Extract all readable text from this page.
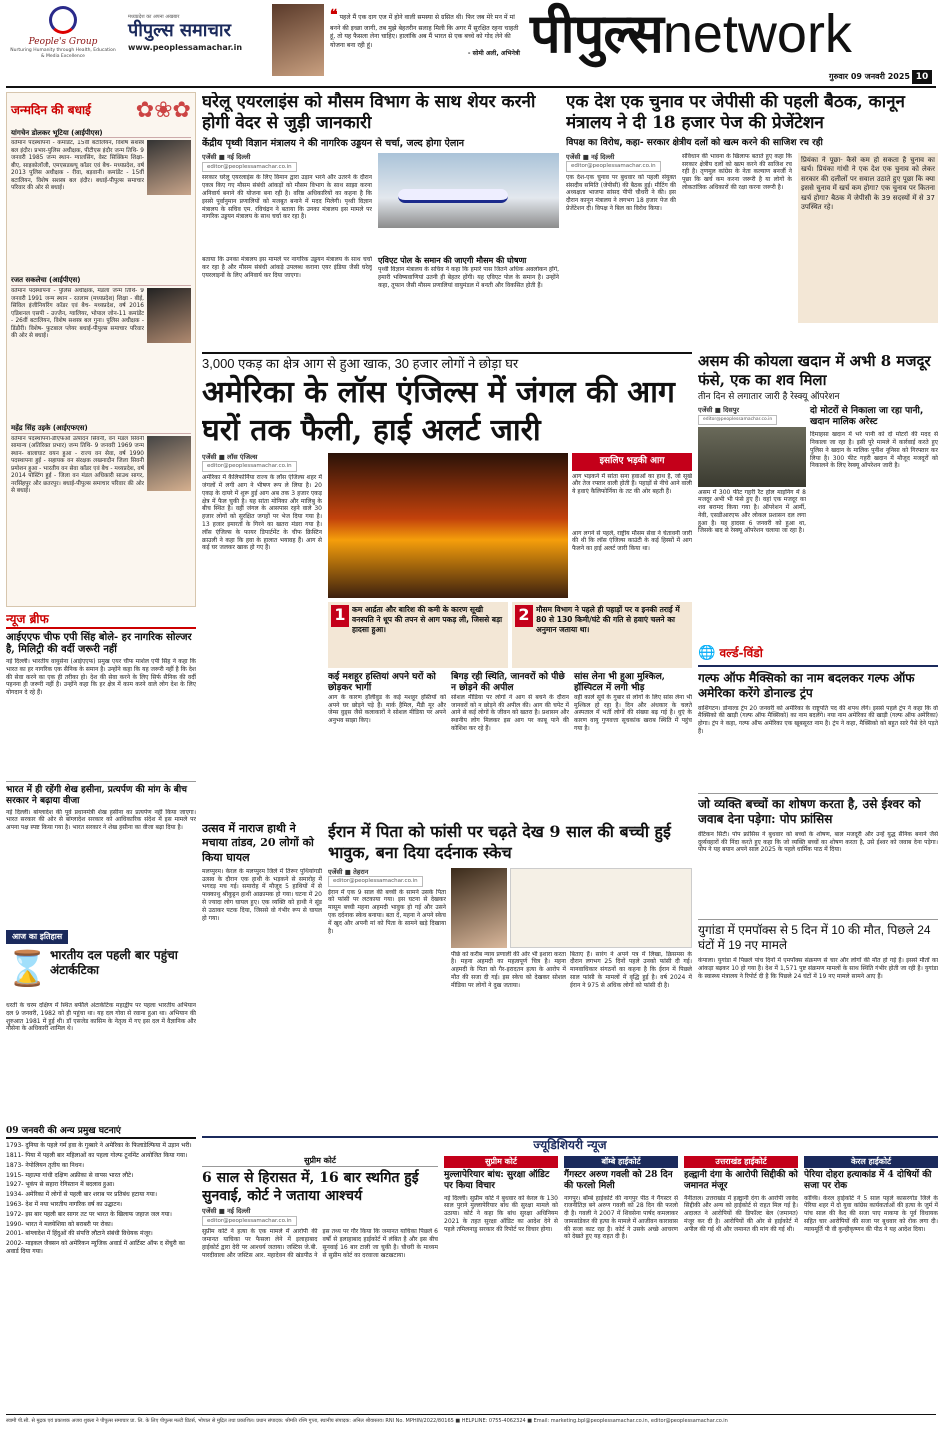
People's Group
Nurturing Humanity through Health, Education & Media Excellence
मध्यप्रदेश का अपना अखबार
पीपुल्स समाचार
www.peoplessamachar.in
❝ पहले मैं एक दाग एज में होने वाली समस्या से ग्रसित थी। फिर जब मेरे मन में मां बनने की इच्छा जागी, तब मुझे बेहतरीन सलाह मिली कि अगर मैं सुरक्षित रहना चाहती हूं, तो यह फैसला लेना चाहिए। हालांकि अब मैं भारत से एक बच्चे को गोद लेने की योजना बना रही हूं।
- सोमी अली, अभिनेत्री पीपुल्सnetwork
गुरुवार 09 जनवरी 2025 10
जन्मदिन की बधाई ✿❀✿
यांगचेन डोलकर भूटिया (आईपीएस)
वर्तमान पदस्थापना - कमांडेंट, 15वीं बटालियन, विशेष सशस्त्र बल इंदौर। प्रभार-पुलिस अधीक्षक, पीटीएस इंदौर जन्म तिथि- 9 जनवरी 1985 जन्म स्थान- ग्यालसिंग, वेस्ट सिक्किम शिक्षा-बीए, साइकोलॉजी, एमएसडब्ल्यू कॉडर एवं बैच- मध्यप्रदेश, वर्ष 2013 पुलिस अधीक्षक - रीवा, बड़वानी। कमांडेंट - 15वीं बटालियन, विशेष सशस्त्र बल इंदौर। बधाई-पीपुल्स समाचार परिवार की ओर से बधाई।
रजत सकलेचा (आईपीएस)
वर्तमान पदस्थापना - पुलिस अधीक्षक, मंडला जन्म तिथि- 9 जनवरी 1991 जन्म स्थान - रतलाम (मध्यप्रदेश) शिक्षा - बीई, सिविल इंजीनियरिंग कॉडर एवं बैच- मध्यप्रदेश, वर्ष 2016 एडिशनल एसपी - उज्जैन, ग्वालियर, भोपाल जोन-11 कमांडेंट - 26वीं बटालियन, विशेष सशस्त्र बल गुना। पुलिस अधीक्षक - डिंडौरी। विशेष- फुटबाल प्लेयर बधाई-पीपुल्स समाचार परिवार की ओर से बधाई।
महेंद्र सिंह उइके (आईएफएस)
वर्तमान पदस्थापना-डीएफओ उत्पादन सिवनी, वन मंडल सिवनी सामान्य (अतिरिक्त प्रभार) जन्म तिथि- 9 जनवरी 1969 जन्म स्थान- बालाघाट वयन हुआ - राज्य वन सेवा, वर्ष 1990 पदस्थापना हुई - सहायक वन संरक्षक लखनादौन जिला सिवनी प्रमोशन हुआ - भारतीय वन सेवा कॉडर एवं बैच - मध्यप्रदेश, वर्ष 2014 पोस्टिंग हुई - जिला वन मंडल अधिकारी साउथ सागर, नरसिंहपुर और छतरपुर। बधाई-पीपुल्स समाचार परिवार की ओर से बधाई।
न्यूज ब्रीफ
आईएएफ चीफ एपी सिंह बोले- हर नागरिक सोल्जर है, मिलिट्री की वर्दी जरूरी नहीं
नई दिल्ली। भारतीय वायुसेना (आईएएफ) प्रमुख एयर चीफ मार्शल एपी सिंह ने कहा कि भारत का हर नागरिक एक सैनिक के समान है। उन्होंने कहा कि यह जरूरी नहीं है कि देश की सेवा करने का एक ही तरीका हो। देश की सेवा करने के लिए सिर्फ सैनिक की वर्दी पहनना ही जरूरी नहीं है। उन्होंने कहा कि हर क्षेत्र में काम करने वाले लोग देश के लिए योगदान दे रहे हैं।
भारत में ही रहेंगी शेख हसीना, प्रत्यर्पण की मांग के बीच सरकार ने बढ़ाया वीजा
नई दिल्ली। बांग्लादेश की पूर्व प्रधानमंत्री शेख हसीना का प्रत्यर्पण नहीं किया जाएगा। भारत सरकार की ओर से बांग्लादेश सरकार को आधिकारिक संदेश में इस मामले पर अपना पक्ष स्पष्ट किया गया है। भारत सरकार ने शेख हसीना का वीजा बढ़ा दिया है।
आज का इतिहास
⌛ भारतीय दल पहली बार पहुंचा अंटार्कटिका
धरती के चरम दक्षिण में स्थित बर्फीले अंटार्कटिक महाद्वीप पर पहला भारतीय अभियान दल 9 जनवरी, 1982 को ही पहुंचा था। यह दल गोवा से रवाना हुआ था। अभियान की शुरुआत 1981 में हुई थी। डॉ एसजेड कासिम के नेतृत्व में गए इस दल में वैज्ञानिक और नौसेना के अधिकारी शामिल थे।
09 जनवरी की अन्य प्रमुख घटनाएं
1793- दुनिया के पहले गर्म हवा के गुब्बारे ने अमेरिका के फिलाडेल्फिया में उड़ान भरी।
1811- पिया में पहली बार महिलाओं का पहला गोल्फ टूर्नामेंट आयोजित किया गया।
1873- नेपोलियन तृतीय का निधन।
1915- महात्मा गांधी दक्षिण अफ्रीका से वापस भारत लौटे।
1927- भूकंप से सहारा रेगिस्तान में बदलाव हुआ।
1934- अमेरिका में लोगों से पहली बार शराब पर प्रतिबंध हटाया गया।
1963- देश में नया भारतीय नागरिक वर्ष का उद्घाटन।
1972- इस बार पहली बार सागर तट पर भारत के खिलाफ जहाज जल गया।
1990- भारत ने मलयेशिया को बराबरी पर रोका।
2001- बांग्लादेश में हिंदुओं की संपत्ति लौटाने संबंधी विधेयक मंजूर।
2002- माइकल जैक्सन को अमेरिकन म्यूजिक अवार्ड में आर्टिस्ट ऑफ द सेंचुरी का अवार्ड दिया गया।
घरेलू एयरलाइंस को मौसम विभाग के साथ शेयर करनी होगी वेदर से जुड़ी जानकारी
केंद्रीय पृथ्वी विज्ञान मंत्रालय ने की नागरिक उड्डयन से चर्चा, जल्द होगा ऐलान
एजेंसी ■ नई दिल्ली
editor@peoplessamachar.co.in
सरकार घरेलू एयरलाइंस के लिए विमान द्वारा उड़ान भरने और उतरने के दौरान एकत्र किए गए मौसम संबंधी आंकड़ों को मौसम विभाग के साथ साझा करना अनिवार्य बनाने की योजना बना रही है। वरिष्ठ अधिकारियों का कहना है कि इससे पूर्वानुमान प्रणालियों को मजबूत बनाने में मदद मिलेगी। पृथ्वी विज्ञान मंत्रालय के सचिव एम. रविचंद्रन ने बताया कि उनका मंत्रालय इस मामले पर नागरिक उड्डयन मंत्रालय के साथ चर्चा कर रहा है।
बताया कि उनका मंत्रालय इस मामले पर नागरिक उड्डयन मंत्रालय के साथ चर्चा कर रहा है और मौसम संबंधी आंकड़े उपलब्ध कराना एयर इंडिया जैसी घरेलू एयरलाइनों के लिए अनिवार्य कर दिया जाएगा।
एविएट पोल के समान की जाएगी मौसम की घोषणा
पृथ्वी विज्ञान मंत्रालय के सचिव ने कहा कि हमारे पास जितने अधिक अवलोकन होंगे, हमारी भविष्यवाणियां उतनी ही बेहतर होंगी। यह एविएट पोल के समान है। उन्होंने कहा, तूफान जैसी मौसम प्रणालियां वायुमंडल में बनती और विकसित होती हैं।
एक देश एक चुनाव पर जेपीसी की पहली बैठक, कानून मंत्रालय ने दी 18 हजार पेज की प्रेजेंटेशन
विपक्ष का विरोध, कहा- सरकार क्षेत्रीय दलों को खत्म करने की साजिश रच रही
एजेंसी ■ नई दिल्ली
editor@peoplessamachar.co.in
एक देश-एक चुनाव पर बुधवार को पहली संयुक्त संसदीय समिति (जेपीसी) की बैठक हुई। मीटिंग की अध्यक्षता भाजपा सांसद पीपी चौधरी ने की। इस दौरान कानून मंत्रालय ने लगभग 18 हजार पेज की प्रेजेंटेशन दी। विपक्ष ने बिल का विरोध किया।
संविधान की भावना के खिलाफ बताते हुए कहा कि सरकार क्षेत्रीय दलों को खत्म करने की साजिश रच रही है। तृणमूल कांग्रेस के नेता कल्याण बनर्जी ने पूछा कि खर्च कम करना जरूरी है या लोगों के लोकतांत्रिक अधिकारों की रक्षा करना जरूरी है।
प्रियंका ने पूछा- कैसे कम हो सकता है चुनाव का खर्च। प्रियंका गांधी ने एक देश एक चुनाव को लेकर सरकार की दलीलों पर सवाल उठाते हुए पूछा कि क्या इससे चुनाव में खर्च कम होगा? एक चुनाव पर कितना खर्च होगा? बैठक में जेपीसी के 39 सदस्यों में से 37 उपस्थित रहे।
3,000 एकड़ का क्षेत्र आग से हुआ खाक, 30 हजार लोगों ने छोड़ा घर
अमेरिका के लॉस एंजिल्स में जंगल की आग घरों तक फैली, हाई अलर्ट जारी
एजेंसी ■ लॉस एंजिल्स
editor@peoplessamachar.co.in
अमेरिका में कैलिफोर्निया राज्य के लॉस एंजिल्स शहर में जंगलों में लगी आग ने भीषण रूप ले लिया है। 20 एकड़ के दायरे में शुरू हुई आग अब तक 3 हजार एकड़ क्षेत्र में फैल चुकी है। यह सांता मोनिका और मालिबु के बीच स्थित है। वहीं जंगल के आसपास रहने वाले 30 हजार लोगों को सुरक्षित जगहों पर भेज दिया गया है। 13 हजार इमारतों के गिरने का खतरा मंडरा गया है। लॉस एंजिल्स के फायर डिपार्टमेंट के चीफ क्रिस्टिन क्राउली ने कहा कि हवा के हालात भयावह हैं। आग से कई घर जलकर खाक हो गए हैं।
इसलिए भड़की आग
आग भड़कने में सांता सना हवाओं का हाथ है, जो सूखे और तेज रफ्तार वाली होती हैं। पहाड़ों से नीचे आने वाली ये हवाएं कैलिफोर्निया के तट की ओर बहती हैं।
आग लगने से पहले, राष्ट्रीय मौसम सेवा ने चेतावनी जारी की थी कि लॉस एंजिल्स काउंटी के कई हिस्सों में आग फैलने का हाई अलर्ट जारी किया था।
1 कम आर्द्रता और बारिश की कमी के कारण सूखी वनस्पति ने धूप की तपन से आग पकड़ ली, जिससे बड़ा हादसा हुआ।
2 मौसम विभाग ने पहले ही पहाड़ों पर व इनकी तराई में 80 से 130 किमी/घंटे की गति से हवाएं चलने का अनुमान जताया था।
कई मशहूर हस्तियां अपने घरों को छोड़कर भागीं
आग के कारण हॉलीवुड के कई मशहूर हस्तियों को अपने घर छोड़ने पड़े हैं। मार्क हैमिल, मैंडी मूर और जेम्स वुड्स जैसे कलाकारों ने सोशल मीडिया पर अपने अनुभव साझा किए।
बिगड़ रही स्थिति, जानवरों को पीछे न छोड़ने की अपील
सोशल मीडिया पर लोगों ने आग से बचने के दौरान जानवरों को न छोड़ने की अपील की। आग की चपेट में आने से कई लोगों के जीवन को खतरा है। प्रशासन और स्थानीय लोग मिलकर इस आग पर काबू पाने की कोशिश कर रहे हैं।
सांस लेना भी हुआ मुश्किल, हॉस्पिटल में लगी भीड़
वहीं कार्ल सूर्य के गुबार से लोगों के लिए सांस लेना भी मुश्किल हो रहा है। दिन और अंधकार के चलते अस्पताल में भर्ती लोगों की संख्या बढ़ गई है। धुएं के कारण वायु गुणवत्ता सूचकांक खराब स्थिति में पहुंच गया है।
असम की कोयला खदान में अभी 8 मजदूर फंसे, एक का शव मिला
तीन दिन से लगातार जारी है रेस्क्यू ऑपरेशन
एजेंसी ■ दिसपुर
editor@peoplessamachar.co.in
असम में 300 फीट गहरी रैट होल माइनिंग में 8 मजदूर अभी भी फंसे हुए हैं। वहां एक मजदूर का शव बरामद किया गया है। ऑपरेशन में आर्मी, नेवी, एसडीआरएफ और लोकल प्रशासन दल लगा हुआ है। यह हादसा 6 जनवरी को हुआ था, जिसके बाद से रेस्क्यू ऑपरेशन चलाया जा रहा है।
दो मोटरों से निकाला जा रहा पानी, खदान मालिक अरेस्ट
दिमाहसा खदान में भरे पानी को दो मोटरों की मदद से निकाला जा रहा है। इसी पूरे मामले में कार्रवाई करते हुए पुलिस ने खदान के मालिक पुनीश नूनिसा को गिरफ्तार कर लिया है। 300 फीट गहरी खदान में मौजूद मजदूरों को निकालने के लिए रेस्क्यू ऑपरेशन जारी है।
🌐 वर्ल्ड-विंडो
गल्फ ऑफ मैक्सिको का नाम बदलकर गल्फ ऑफ अमेरिका करेंगे डोनाल्ड ट्रंप
वाशिंगटन। डोनाल्ड ट्रंप 20 जनवरी को अमेरिका के राष्ट्रपति पद की शपथ लेंगे। इससे पहले ट्रंप ने कहा कि वो मैक्सिको की खाड़ी (गल्फ ऑफ मैक्सिको) का नाम बदलेंगे। नया नाम अमेरिका की खाड़ी (गल्फ ऑफ अमेरिका) होगा। ट्रंप ने कहा, गल्फ ऑफ अमेरिका एक खूबसूरत नाम है। ट्रंप ने कहा, मैक्सिको को बहुत सारे पैसे देने पड़ते हैं।
जो व्यक्ति बच्चों का शोषण करता है, उसे ईश्वर को जवाब देना पड़ेगा: पोप फ्रांसिस
वेटिकन सिटी। पोप फ्रांसिस ने बुधवार को बच्चों के शोषण, बाल मजदूरी और उन्हें युद्ध सैनिक बनाने जैसे दुर्व्यवहारों की निंदा करते हुए कहा कि जो व्यक्ति बच्चों का शोषण करता है, उसे ईश्वर को जवाब देना पड़ेगा। पोप ने यह बयान अपने साल 2025 के पहले धार्मिक पाठ में दिया।
युगांडा में एमपॉक्स से 5 दिन में 10 की मौत, पिछले 24 घंटों में 19 नए मामले
कंपाला। युगांडा में पिछले पांच दिनों में एमपॉक्स संक्रमण से चार और लोगों की मौत हो गई है। इससे मौतों का आंकड़ा बढ़कर 10 हो गया है। देश में 1,571 पुष्ट संक्रमण मामलों के साथ स्थिति गंभीर होती जा रही है। युगांडा के स्वास्थ्य मंत्रालय ने रिपोर्ट दी है कि पिछले 24 घंटों में 19 नए मामले सामने आए हैं।
उत्सव में नाराज हाथी ने मचाया तांडव, 20 लोगों को किया घायल
मलप्पुरम। केरल के मलप्पुरम जिले में तिरूर पुथियांगडी उत्सव के दौरान एक हाथी के भड़कने से समारोह में भगदड़ मच गई। समारोह में मौजूद 5 हाथियों में से पाक्काथु श्रीकुट्टन हाथी आक्रामक हो गया। घटना में 20 से ज्यादा लोग घायल हुए। एक व्यक्ति को हाथी ने सूंड से उठाकर पटक दिया, जिससे वो गंभीर रूप से घायल हो गया।
ईरान में पिता को फांसी पर चढ़ते देख 9 साल की बच्ची हुई भावुक, बना दिया दर्दनाक स्केच
एजेंसी ■ तेहरान
editor@peoplessamachar.co.in
ईरान में एक 9 साल की बच्ची के सामने उसके पिता को फांसी पर लटकाया गया। इस घटना से देखकर मासूम बच्ची महना अहमदी भावुक हो गई और उसने एक दर्दनाक स्केच बनाया। बता दें, महना ने अपने स्केच में खुद और अपनी मां को पिता के सामने खड़े दिखाया है।
पीछे को करीब न्याय प्रणाली की ओर भी इशारा करता है। महना अहमदी का महत्वपूर्ण चित्र है। महना अहमदी के पिता को गैर-इरादतन हत्या के आरोप में मौत की सजा दी गई। इस स्केच को देखकर सोशल मीडिया पर लोगों ने दुख जताया।
बिताए हैं। सारंग ने अपने पत्र में लिखा, क्रिसमस के दौरान लगभग 25 दिनों पहले उनको फांसी दी गई। मानवाधिकार संगठनों का कहना है कि ईरान में पिछले साल फांसी के मामलों में वृद्धि हुई है। वर्ष 2024 में ईरान ने 975 से अधिक लोगों को फांसी दी है।
ज्यूडिशियरी न्यूज
सुप्रीम कोर्ट
6 साल से हिरासत में, 16 बार स्थगित हुई सुनवाई, कोर्ट ने जताया आश्चर्य
एजेंसी ■ नई दिल्ली
editor@peoplessamachar.co.in
सुप्रीम कोर्ट ने हत्या के एक मामले में आरोपी की जमानत याचिका पर फैसला लेने में इलाहाबाद हाईकोर्ट द्वारा देरी पर आश्चर्य जताया। जस्टिस जे.बी. पारदीवाला और जस्टिस आर. महादेवन की खंडपीठ ने इस तथ्य पर गौर किया कि जमानत याचिका पिछले 6 वर्षों से इलाहाबाद हाईकोर्ट में लंबित है और इस बीच सुनवाई 16 बार टाली जा चुकी है। चौधरी के माध्यम से सुप्रीम कोर्ट का दरवाजा खटखटाया।
सुप्रीम कोर्ट
मुल्लापेरियार बांध: सुरक्षा ऑडिट पर किया विचार
नई दिल्ली। सुप्रीम कोर्ट ने बुधवार को केरल के 130 साल पुराने मुल्लापेरियार बांध की सुरक्षा मामले को उठाया। कोर्ट ने कहा कि बांध सुरक्षा अधिनियम 2021 के तहत सुरक्षा ऑडिट का आदेश देने से पहले तमिलनाडु सरकार की रिपोर्ट पर विचार होगा।
बॉम्बे हाईकोर्ट
गैंगस्टर अरुण गवली को 28 दिन की फरलो मिली
नागपुर। बॉम्बे हाईकोर्ट की नागपुर पीठ ने गैंगस्टर से राजनीतिज्ञ बने अरुण गवली को 28 दिन की फरलो दी है। गवली ने 2007 में शिवसेना पार्षद कमलाकर जामसांडेकर की हत्या के मामले में आजीवन कारावास की सजा काट रहा है। कोर्ट ने उसके अच्छे आचरण को देखते हुए यह राहत दी है।
उत्तराखंड हाईकोर्ट
हल्द्वानी दंगा के आरोपी सिद्दीकी को जमानत मंजूर
नैनीताल। उत्तराखंड में हल्द्वानी दंगा के आरोपी जावेद सिद्दीकी और अन्य को हाईकोर्ट से राहत मिल गई है। अदालत ने आरोपियों की डिफॉल्ट बेल (जमानत) मंजूर कर दी है। आरोपियों की ओर से हाईकोर्ट में अपील की गई थी और जमानत की मांग की गई थी।
केरल हाईकोर्ट
पेरिया दोहरा हत्याकांड में 4 दोषियों की सजा पर रोक
कोच्चि। केरल हाईकोर्ट ने 5 साल पहले कासरगोड जिले के पेरिया शहर में दो युवा कांग्रेस कार्यकर्ताओं की हत्या के जुर्म में पांच साल की कैद की सजा पाए माकपा के पूर्व विधायक सहित चार आरोपियों की सजा पर बुधवार को रोक लगा दी। न्यायमूर्ति पी वी कुन्हीकृष्णन की पीठ ने यह आदेश दिया।
स्वामी पी.सी. से मुद्रक एवं प्रकाशक अजय शुक्ला ने पीपुल्स समाचार प्रा. लि. के लिए पीपुल्स मल्टी प्रिंटर्स, भोपाल से मुद्रित तथा प्रकाशित। प्रधान संपादक: श्रीमति रश्मि गुप्ता, स्थानीय संपादक: अनिल श्रीवास्तव। RNI No. MPHIN/2022/80165 ■ HELPLINE: 0755-4062324 ■ Email: marketing.bpl@peoplessamachar.co.in, editor@peoplessamachar.co.in
